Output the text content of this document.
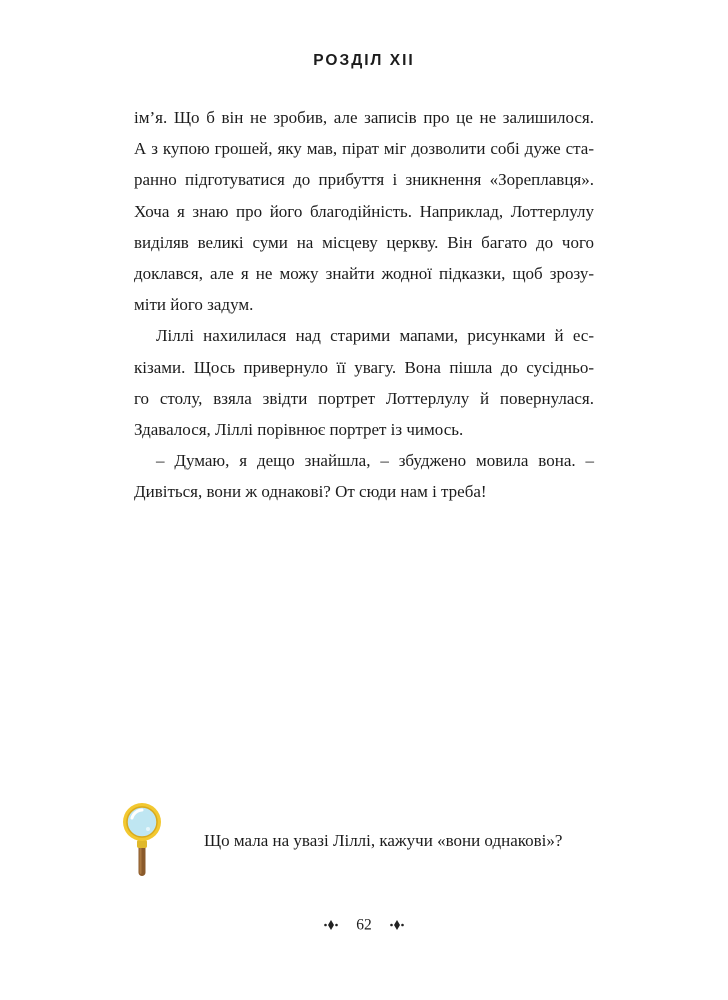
РОЗДІЛ XII
ім’я. Що б він не зробив, але записів про це не залишилося.
А з купою грошей, яку мав, пірат міг дозволити собі дуже ста-
ранно підготуватися до прибуття і зникнення «Зореплавця».
Хоча я знаю про його благодійність. Наприклад, Лоттерлулу
виділяв великі суми на місцеву церкву. Він багато до чого
доклався, але я не можу знайти жодної підказки, щоб зрозу-
міти його задум.
Ліллі нахилилася над старими мапами, рисунками й ес-
кізами. Щось привернуло її увагу. Вона пішла до сусідньо-
го столу, взяла звідти портрет Лоттерлулу й повернулася.
Здавалося, Ліллі порівнює портрет із чимось.
– Думаю, я дещо знайшла, – збуджено мовила вона. –
Дивіться, вони ж однакові? От сюди нам і треба!
Що мала на увазі Ліллі, кажучи «вони однакові»?
62
